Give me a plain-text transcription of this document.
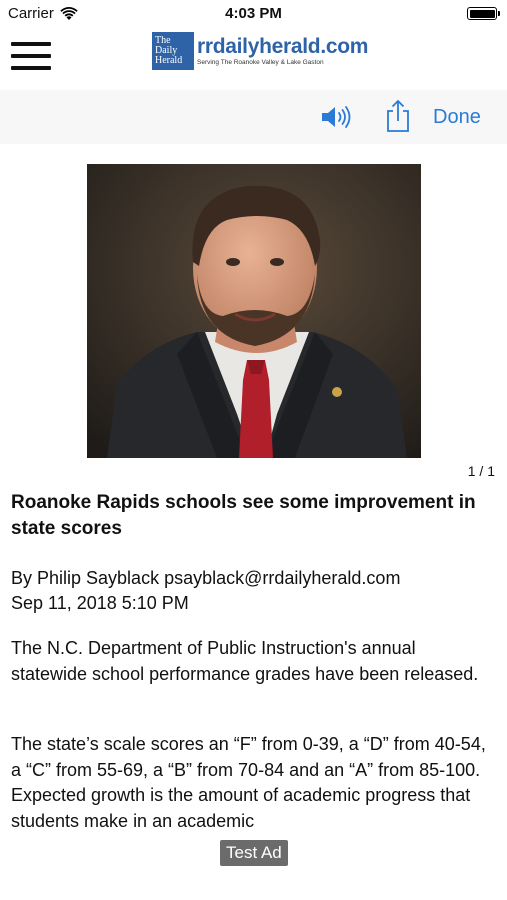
Carrier	4:03 PM
The
Daily
Herald
rrdailyherald.com
Serving The Roanoke Valley & Lake Gaston
Done
1 / 1
Roanoke Rapids schools see some improvement in state scores
By Philip Sayblack psayblack@rrdailyherald.com
Sep 11, 2018 5:10 PM

The N.C. Department of Public Instruction's annual statewide school performance grades have been released.

The state’s scale scores an “F” from 0-39, a “D” from 40-54, a “C” from 55-69, a “B” from 70-84 and an “A” from 85-100. Expected growth is the amount of academic progress that students make in an academic

Test Ad
